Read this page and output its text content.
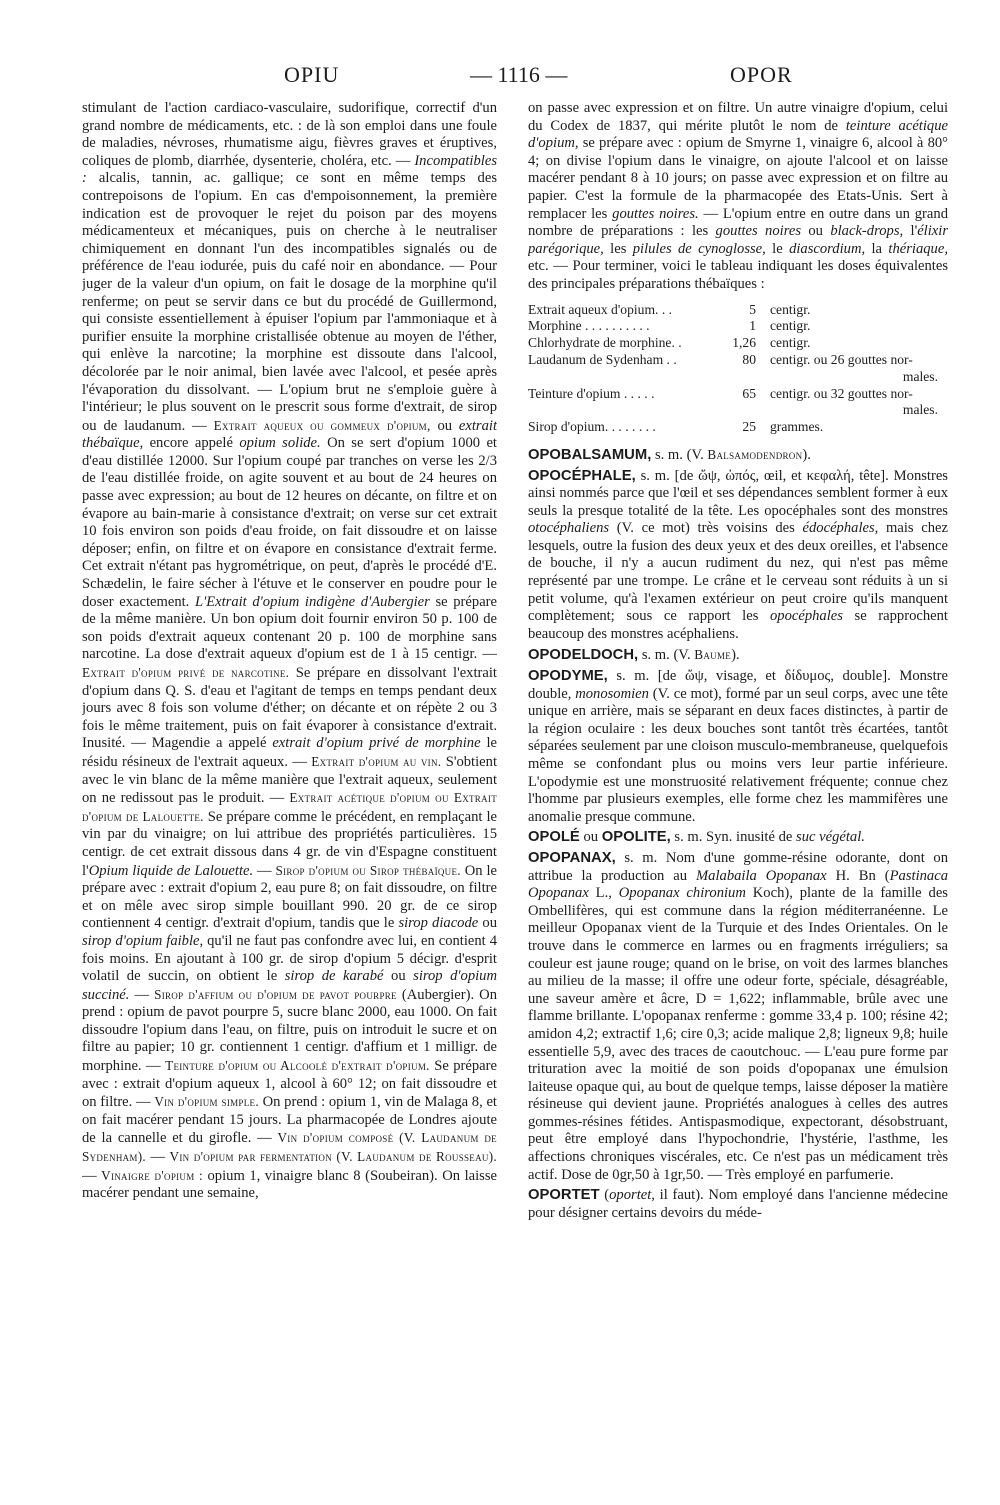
OPIU	— 1116 —	OPOR

stimulant de l'action cardiaco-vasculaire, sudorifique, correctif d'un grand nombre de médicaments, etc. : de là son emploi dans une foule de maladies, névroses, rhumatisme aigu, fièvres graves et éruptives, coliques de plomb, diarrhée, dysenterie, choléra, etc. — Incompatibles : alcalis, tannin, ac. gallique; ce sont en même temps des contrepoisons de l'opium. En cas d'empoisonnement, la première indication est de provoquer le rejet du poison par des moyens médicamenteux et mécaniques, puis on cherche à le neutraliser chimiquement en donnant l'un des incompatibles signalés ou de préférence de l'eau iodurée, puis du café noir en abondance. — Pour juger de la valeur d'un opium, on fait le dosage de la morphine qu'il renferme; on peut se servir dans ce but du procédé de Guillermond, qui consiste essentiellement à épuiser l'opium par l'ammoniaque et à purifier ensuite la morphine cristallisée obtenue au moyen de l'éther, qui enlève la narcotine; la morphine est dissoute dans l'alcool, décolorée par le noir animal, bien lavée avec l'alcool, et pesée après l'évaporation du dissolvant. — L'opium brut ne s'emploie guère à l'intérieur; le plus souvent on le prescrit sous forme d'extrait, de sirop ou de laudanum. — Extrait aqueux ou gommeux d'opium, ou extrait thébaïque, encore appelé opium solide. On se sert d'opium 1000 et d'eau distillée 12000. Sur l'opium coupé par tranches on verse les 2/3 de l'eau distillée froide, on agite souvent et au bout de 24 heures on passe avec expression; au bout de 12 heures on décante, on filtre et on évapore au bain-marie à consistance d'extrait; on verse sur cet extrait 10 fois environ son poids d'eau froide, on fait dissoudre et on laisse déposer; enfin, on filtre et on évapore en consistance d'extrait ferme. Cet extrait n'étant pas hygrométrique, on peut, d'après le procédé d'E. Schædelin, le faire sécher à l'étuve et le conserver en poudre pour le doser exactement. L'Extrait d'opium indigène d'Aubergier se prépare de la même manière. Un bon opium doit fournir environ 50 p. 100 de son poids d'extrait aqueux contenant 20 p. 100 de morphine sans narcotine. La dose d'extrait aqueux d'opium est de 1 à 15 centigr. — Extrait d'opium privé de narcotine. Se prépare en dissolvant l'extrait d'opium dans Q. S. d'eau et l'agitant de temps en temps pendant deux jours avec 8 fois son volume d'éther; on décante et on répète 2 ou 3 fois le même traitement, puis on fait évaporer à consistance d'extrait. Inusité. — Magendie a appelé extrait d'opium privé de morphine le résidu résineux de l'extrait aqueux. — Extrait d'opium au vin. S'obtient avec le vin blanc de la même manière que l'extrait aqueux, seulement on ne redissout pas le produit. — Extrait acétique d'opium ou Extrait d'opium de Lalouette. Se prépare comme le précédent, en remplaçant le vin par du vinaigre; on lui attribue des propriétés particulières. 15 centigr. de cet extrait dissous dans 4 gr. de vin d'Espagne constituent l'Opium liquide de Lalouette. — Sirop d'opium ou Sirop thébaïque. On le prépare avec : extrait d'opium 2, eau pure 8; on fait dissoudre, on filtre et on mêle avec sirop simple bouillant 990. 20 gr. de ce sirop contiennent 4 centigr. d'extrait d'opium, tandis que le sirop diacode ou sirop d'opium faible, qu'il ne faut pas confondre avec lui, en contient 4 fois moins. En ajoutant à 100 gr. de sirop d'opium 5 décigr. d'esprit volatil de succin, on obtient le sirop de karabé ou sirop d'opium succiné. — Sirop d'affium ou d'opium de pavot pourpre (Aubergier). On prend : opium de pavot pourpre 5, sucre blanc 2000, eau 1000. On fait dissoudre l'opium dans l'eau, on filtre, puis on introduit le sucre et on filtre au papier; 10 gr. contiennent 1 centigr. d'affium et 1 milligr. de morphine. — Teinture d'opium ou Alcoolé d'extrait d'opium. Se prépare avec : extrait d'opium aqueux 1, alcool à 60° 12; on fait dissoudre et on filtre. — Vin d'opium simple. On prend : opium 1, vin de Malaga 8, et on fait macérer pendant 15 jours. La pharmacopée de Londres ajoute de la cannelle et du girofle. — Vin d'opium composé (V. Laudanum de Sydenham). — Vin d'opium par fermentation (V. Laudanum de Rousseau). — Vinaigre d'opium : opium 1, vinaigre blanc 8 (Soubeiran). On laisse macérer pendant une semaine,

on passe avec expression et on filtre. Un autre vinaigre d'opium, celui du Codex de 1837, qui mérite plutôt le nom de teinture acétique d'opium, se prépare avec : opium de Smyrne 1, vinaigre 6, alcool à 80° 4; on divise l'opium dans le vinaigre, on ajoute l'alcool et on laisse macérer pendant 8 à 10 jours; on passe avec expression et on filtre au papier. C'est la formule de la pharmacopée des Etats-Unis. Sert à remplacer les gouttes noires. — L'opium entre en outre dans un grand nombre de préparations : les gouttes noires ou black-drops, l'élixir parégorique, les pilules de cynoglosse, le diascordium, la thériaque, etc. — Pour terminer, voici le tableau indiquant les doses équivalentes des principales préparations thébaïques :

Extrait aqueux d'opium. . .	5	centigr.
Morphine . . . . . . . . . .	1	centigr.
Chlorhydrate de morphine. .	1,26	centigr.
Laudanum de Sydenham . .	80	centigr. ou 26 gouttes nor-
males.

Teinture d'opium . . . . .	65	centigr. ou 32 gouttes nor-
males.

Sirop d'opium. . . . . . . .	25	grammes.

OPOBALSAMUM, s. m. (V. Balsamodendron).

OPOCÉPHALE, s. m. [de ὤψ, ὠπός, œil, et κεφαλή, tête]. Monstres ainsi nommés parce que l'œil et ses dépendances semblent former à eux seuls la presque totalité de la tête. Les opocéphales sont des monstres otocéphaliens (V. ce mot) très voisins des édocéphales, mais chez lesquels, outre la fusion des deux yeux et des deux oreilles, et l'absence de bouche, il n'y a aucun rudiment du nez, qui n'est pas même représenté par une trompe. Le crâne et le cerveau sont réduits à un si petit volume, qu'à l'examen extérieur on peut croire qu'ils manquent complètement; sous ce rapport les opocéphales se rapprochent beaucoup des monstres acéphaliens.

OPODELDOCH, s. m. (V. Baume).

OPODYME, s. m. [de ὤψ, visage, et δίδυμος, double]. Monstre double, monosomien (V. ce mot), formé par un seul corps, avec une tête unique en arrière, mais se séparant en deux faces distinctes, à partir de la région oculaire : les deux bouches sont tantôt très écartées, tantôt séparées seulement par une cloison musculo-membraneuse, quelquefois même se confondant plus ou moins vers leur partie inférieure. L'opodymie est une monstruosité relativement fréquente; connue chez l'homme par plusieurs exemples, elle forme chez les mammifères une anomalie presque commune.

OPOLÉ ou OPOLITE, s. m. Syn. inusité de suc végétal.

OPOPANAX, s. m. Nom d'une gomme-résine odorante, dont on attribue la production au Malabaila Opopanax H. Bn (Pastinaca Opopanax L., Opopanax chironium Koch), plante de la famille des Ombellifères, qui est commune dans la région méditerranéenne. Le meilleur Opopanax vient de la Turquie et des Indes Orientales. On le trouve dans le commerce en larmes ou en fragments irréguliers; sa couleur est jaune rouge; quand on le brise, on voit des larmes blanches au milieu de la masse; il offre une odeur forte, spéciale, désagréable, une saveur amère et âcre, D = 1,622; inflammable, brûle avec une flamme brillante. L'opopanax renferme : gomme 33,4 p. 100; résine 42; amidon 4,2; extractif 1,6; cire 0,3; acide malique 2,8; ligneux 9,8; huile essentielle 5,9, avec des traces de caoutchouc. — L'eau pure forme par trituration avec la moitié de son poids d'opopanax une émulsion laiteuse opaque qui, au bout de quelque temps, laisse déposer la matière résineuse qui devient jaune. Propriétés analogues à celles des autres gommes-résines fétides. Antispasmodique, expectorant, désobstruant, peut être employé dans l'hypochondrie, l'hystérie, l'asthme, les affections chroniques viscérales, etc. Ce n'est pas un médicament très actif. Dose de 0gr,50 à 1gr,50. — Très employé en parfumerie.

OPORTET (oportet, il faut). Nom employé dans l'ancienne médecine pour désigner certains devoirs du méde-
